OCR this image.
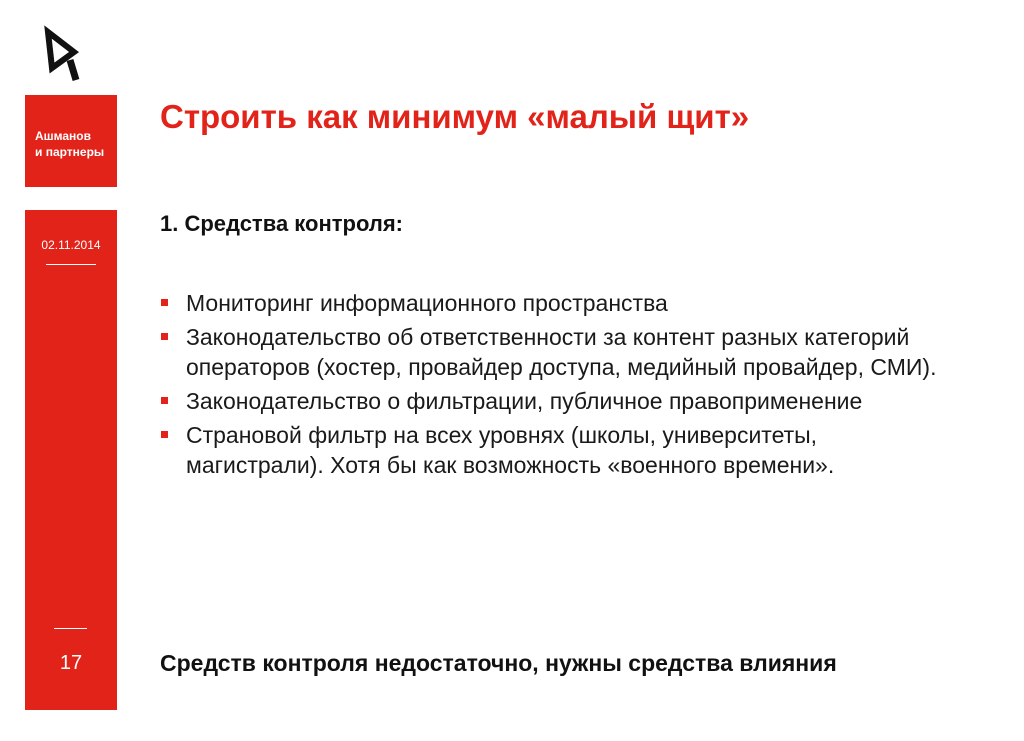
Ашманов
и партнеры
02.11.2014
17
Строить как минимум «малый щит»
1. Средства контроля:
Мониторинг информационного пространства
Законодательство об ответственности за контент разных категорий операторов (хостер, провайдер доступа, медийный провайдер, СМИ).
Законодательство о фильтрации, публичное правоприменение
Страновой фильтр на всех уровнях (школы, университеты, магистрали). Хотя бы как возможность «военного времени».

Средств контроля недостаточно, нужны средства влияния
